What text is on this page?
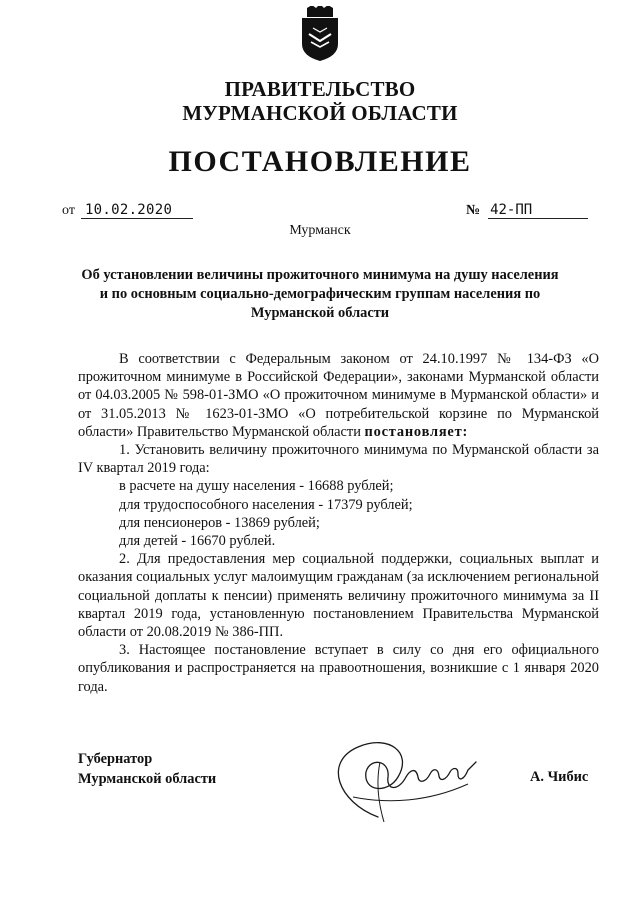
ПРАВИТЕЛЬСТВО
МУРМАНСКОЙ ОБЛАСТИ
ПОСТАНОВЛЕНИЕ
от 10.02.2020	№ 42-ПП
Мурманск
Об установлении величины прожиточного минимума на душу населения и по основным социально-демографическим группам населения по Мурманской области

В соответствии с Федеральным законом от 24.10.1997 № 134-ФЗ «О прожиточном минимуме в Российской Федерации», законами Мурманской области от 04.03.2005 № 598-01-ЗМО «О прожиточном минимуме в Мурманской области» и от 31.05.2013 № 1623-01-ЗМО «О потребительской корзине по Мурманской области» Правительство Мурманской области постановляет:

1. Установить величину прожиточного минимума по Мурманской области за IV квартал 2019 года:

в расчете на душу населения - 16688 рублей;

для трудоспособного населения - 17379 рублей;

для пенсионеров - 13869 рублей;

для детей - 16670 рублей.

2. Для предоставления мер социальной поддержки, социальных выплат и оказания социальных услуг малоимущим гражданам (за исключением региональной социальной доплаты к пенсии) применять величину прожиточного минимума за II квартал 2019 года, установленную постановлением Правительства Мурманской области от 20.08.2019 № 386-ПП.

3. Настоящее постановление вступает в силу со дня его официального опубликования и распространяется на правоотношения, возникшие с 1 января 2020 года.

Губернатор
Мурманской области	А. Чибис
